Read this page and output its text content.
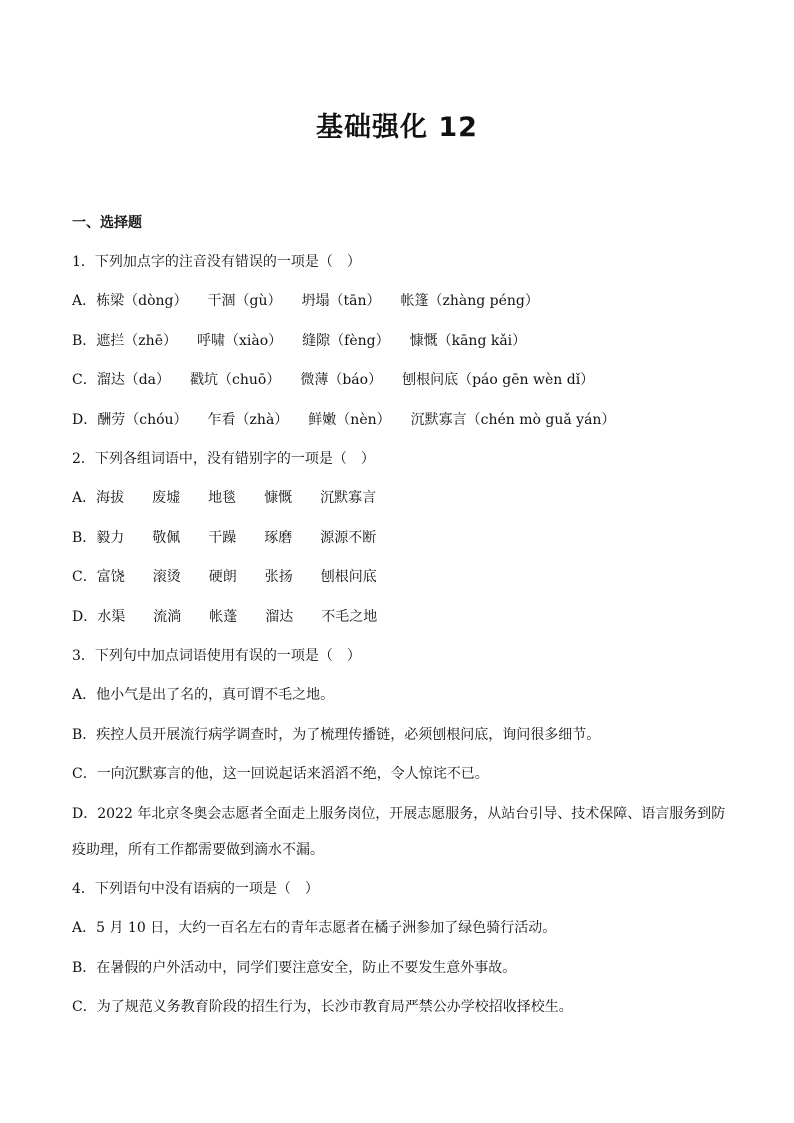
基础强化 12
一、选择题
1．下列加点字的注音没有错误的一项是（　）
A．栋梁（dòng） 干涸（gù） 坍塌（tān） 帐篷（zhàng péng）
B．遮拦（zhē） 呼啸（xiào） 缝隙（fèng） 慷慨（kāng kǎi）
C．溜达（da） 戳坑（chuō） 微薄（báo） 刨根问底（páo gēn wèn dǐ）
D．酬劳（chóu） 乍看（zhà） 鲜嫩（nèn） 沉默寡言（chén mò guǎ yán）
2．下列各组词语中，没有错别字的一项是（　）
A．海拔 废墟 地毯 慷慨 沉默寡言
B．毅力 敬佩 干躁 琢磨 源源不断
C．富饶 滚烫 硬朗 张扬 刨根问底
D．水渠 流淌 帐蓬 溜达 不毛之地
3．下列句中加点词语使用有误的一项是（　）
A．他小气是出了名的，真可谓不毛之地。
B．疾控人员开展流行病学调查时，为了梳理传播链，必须刨根问底，询问很多细节。
C．一向沉默寡言的他，这一回说起话来滔滔不绝，令人惊诧不已。
D．2022 年北京冬奥会志愿者全面走上服务岗位，开展志愿服务，从站台引导、技术保障、语言服务到防
疫助理，所有工作都需要做到滴水不漏。
4．下列语句中没有语病的一项是（　）
A．5 月 10 日，大约一百名左右的青年志愿者在橘子洲参加了绿色骑行活动。
B．在暑假的户外活动中，同学们要注意安全，防止不要发生意外事故。
C．为了规范义务教育阶段的招生行为，长沙市教育局严禁公办学校招收择校生。
